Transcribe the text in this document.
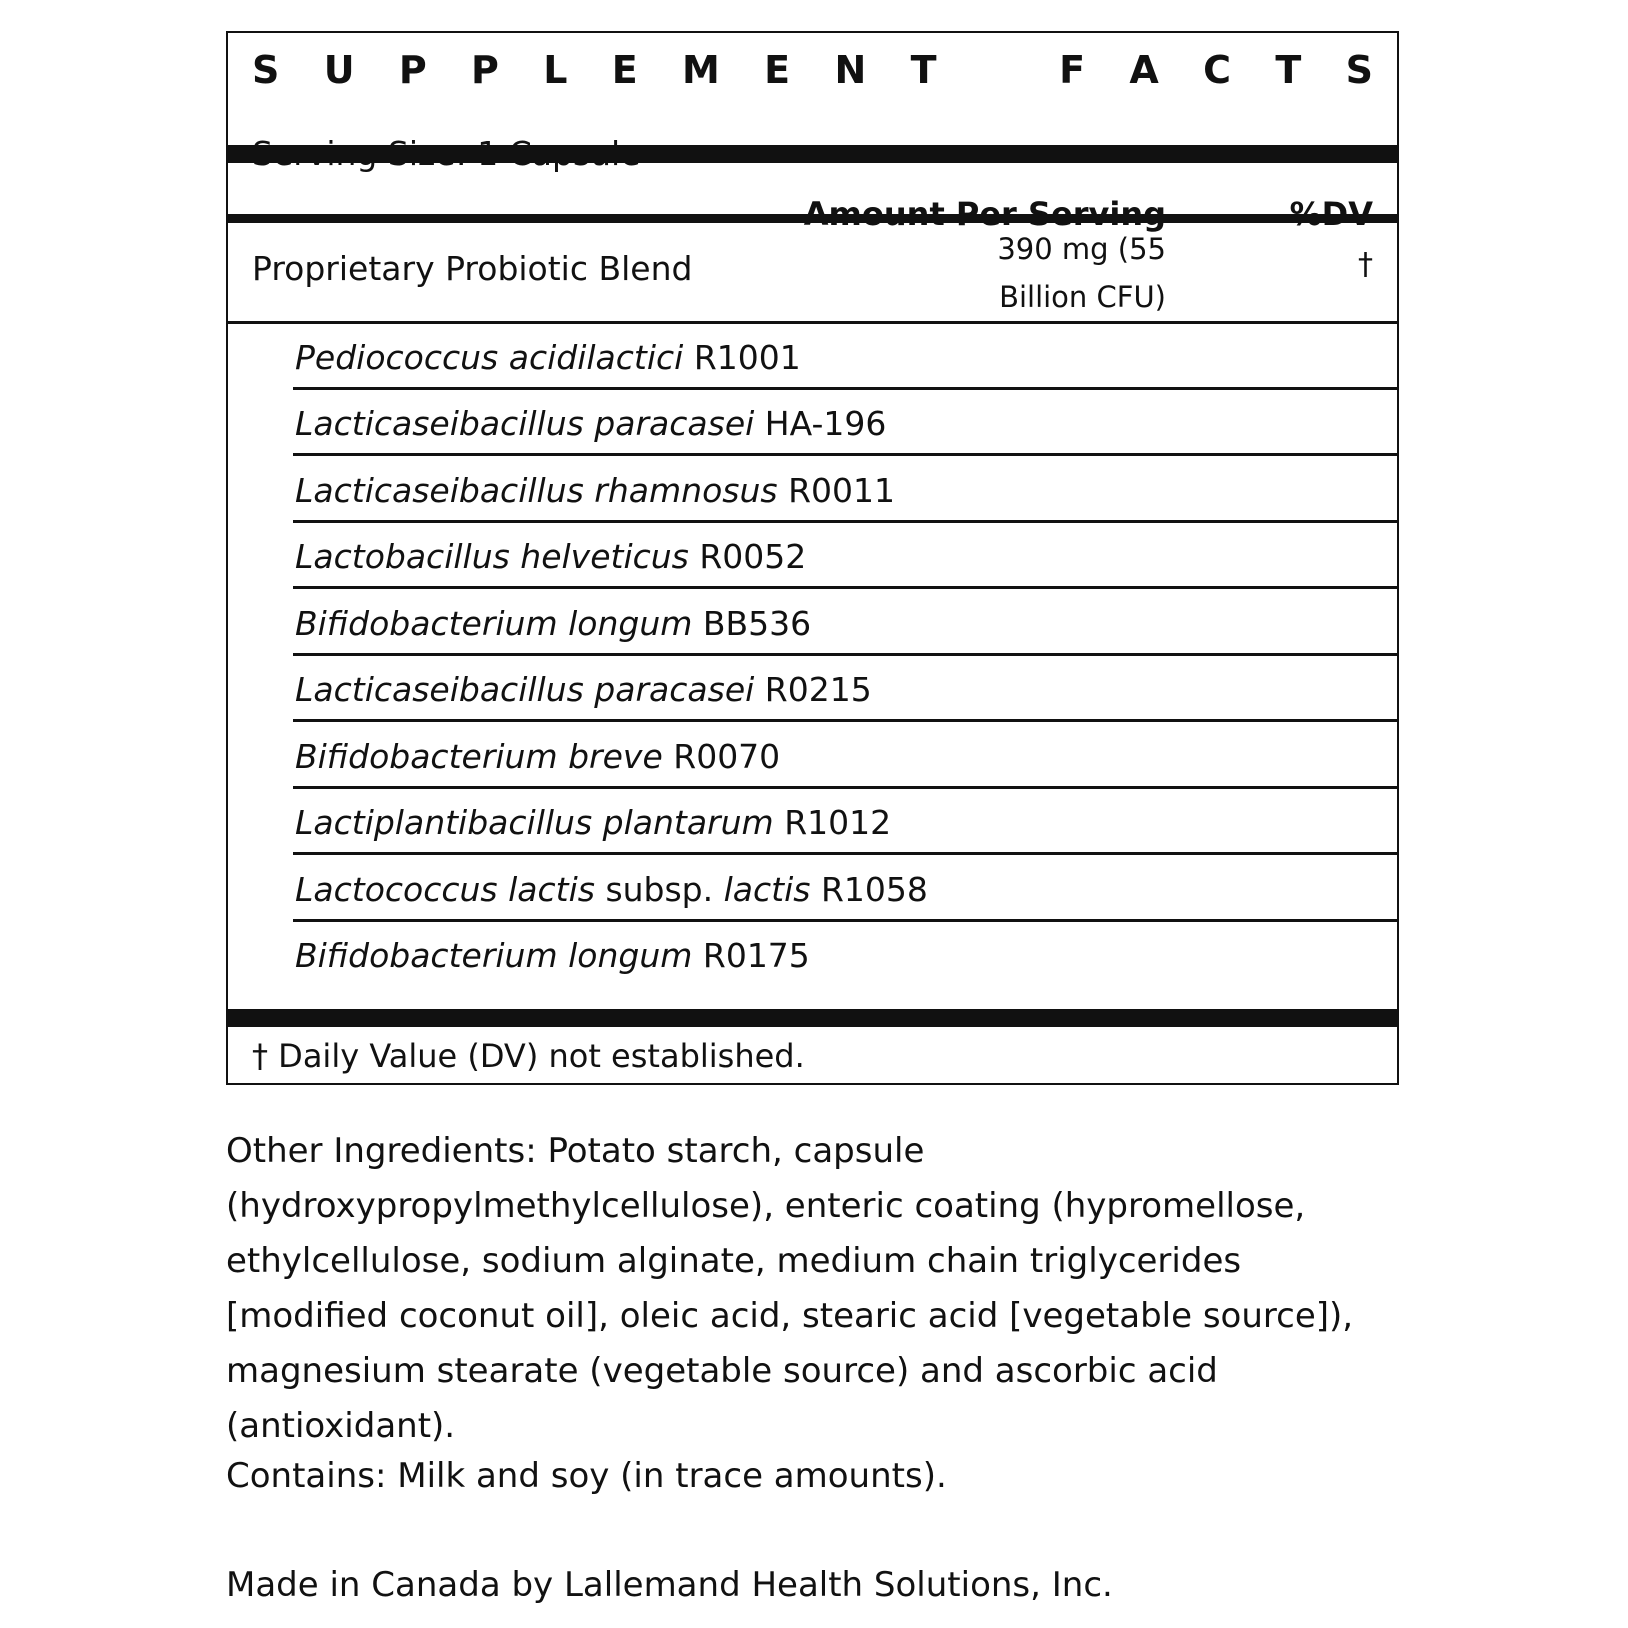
S U P P L E M E N T	F A C T S
Proprietary Probiotic Blend	390 mg (55
Billion CFU)
†
Pediococcus acidilactici R1001
Lacticaseibacillus paracasei HA-196
Lacticaseibacillus rhamnosus R0011
Lactobacillus helveticus R0052
Bifidobacterium longum BB536
Lacticaseibacillus paracasei R0215
Bifidobacterium breve R0070
Lactiplantibacillus plantarum R1012
Lactococcus lactis subsp. lactis R1058
Bifidobacterium longum R0175
† Daily Value (DV) not established.
Other Ingredients: Potato starch, capsule (hydroxypropylmethylcellulose), enteric coating (hypromellose, ethylcellulose, sodium alginate, medium chain triglycerides [modified coconut oil], oleic acid, stearic acid [vegetable source]), magnesium stearate (vegetable source) and ascorbic acid (antioxidant).
Contains: Milk and soy (in trace amounts).
Made in Canada by Lallemand Health Solutions, Inc.
